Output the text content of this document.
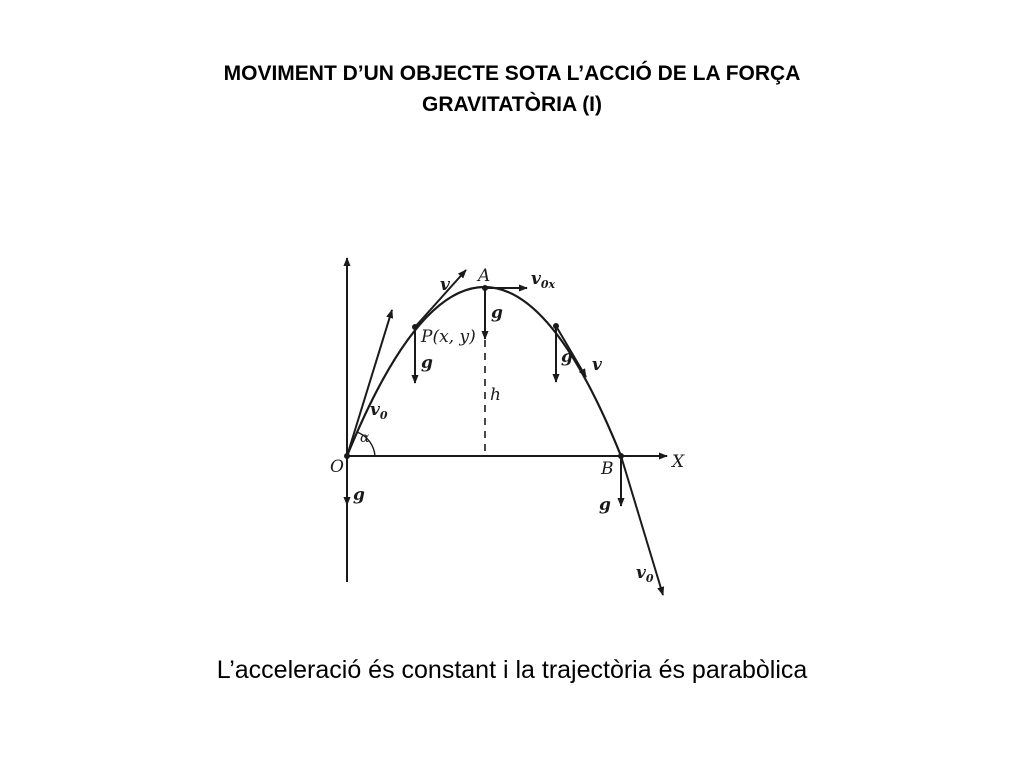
MOVIMENT D’UN OBJECTE SOTA L’ACCIÓ DE LA FORÇA
GRAVITATÒRIA (I)
X
O
A
B
P(x, y)
h
α
g
g
g
g
g
v
v
$v_0$
$v_{0x}$
$v_0$
L’acceleració és constant i la trajectòria és parabòlica
